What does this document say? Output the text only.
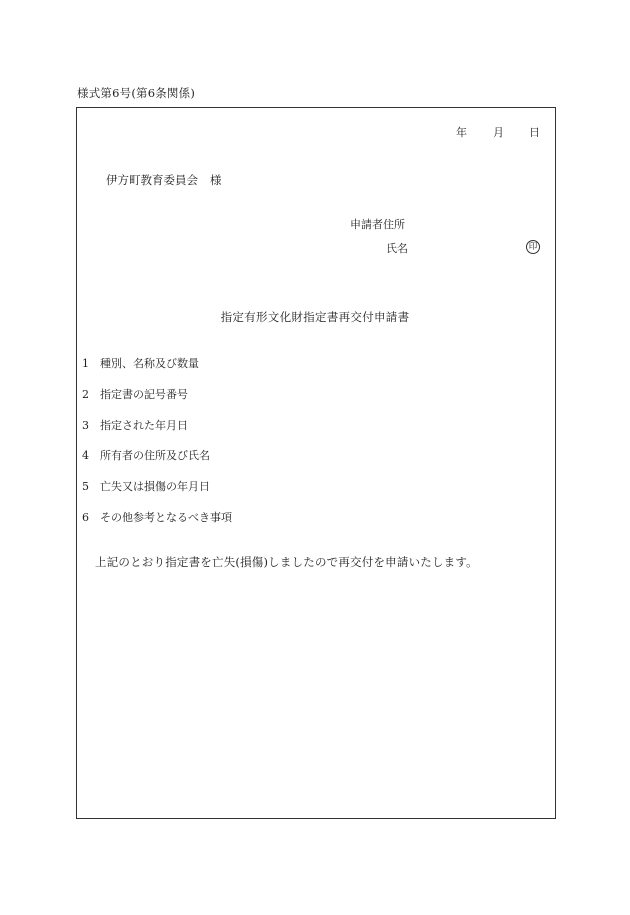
様式第6号(第6条関係)
年 月 日
伊方町教育委員会 様
申請者住所
氏名	印
指定有形文化財指定書再交付申請書
1 種別、名称及び数量
2 指定書の記号番号
3 指定された年月日
4 所有者の住所及び氏名
5 亡失又は損傷の年月日
6 その他参考となるべき事項
上記のとおり指定書を亡失(損傷)しましたので再交付を申請いたします。
